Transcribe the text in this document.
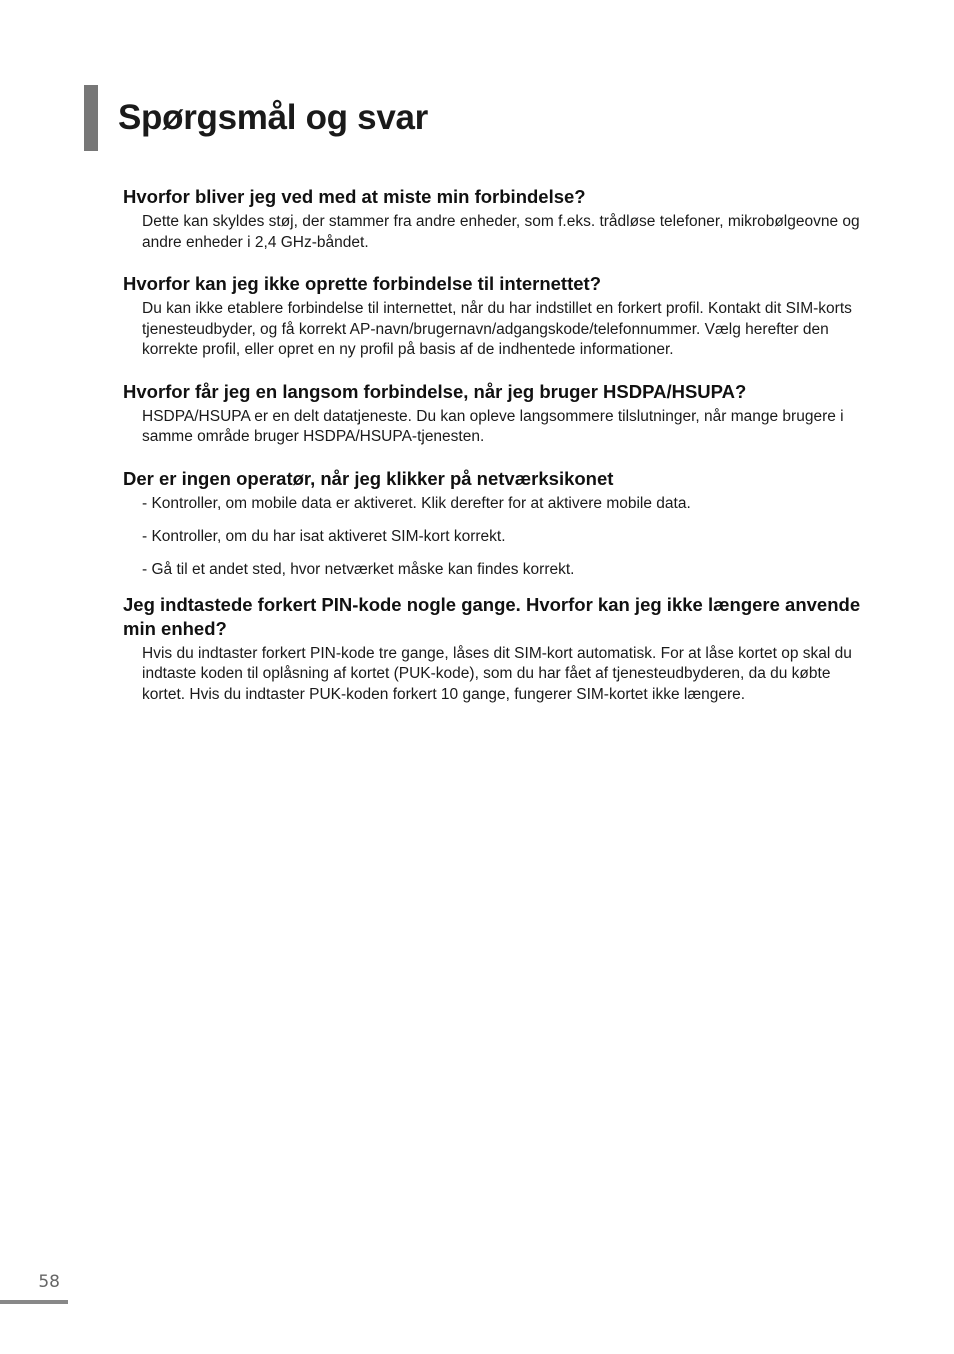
Spørgsmål og svar
Hvorfor bliver jeg ved med at miste min forbindelse?

Dette kan skyldes støj, der stammer fra andre enheder, som f.eks. trådløse telefoner, mikrobølgeovne og andre enheder i 2,4 GHz-båndet.

Hvorfor kan jeg ikke oprette forbindelse til internettet?

Du kan ikke etablere forbindelse til internettet, når du har indstillet en forkert profil. Kontakt dit SIM-korts tjenesteudbyder, og få korrekt AP-navn/brugernavn/adgangskode/telefonnummer. Vælg herefter den korrekte profil, eller opret en ny profil på basis af de indhentede informationer.

Hvorfor får jeg en langsom forbindelse, når jeg bruger HSDPA/HSUPA?

HSDPA/HSUPA er en delt datatjeneste. Du kan opleve langsommere tilslutninger, når mange brugere i samme område bruger HSDPA/HSUPA-tjenesten.

Der er ingen operatør, når jeg klikker på netværksikonet
- Kontroller, om mobile data er aktiveret. Klik derefter for at aktivere mobile data.
- Kontroller, om du har isat aktiveret SIM-kort korrekt.
- Gå til et andet sted, hvor netværket måske kan findes korrekt.
Jeg indtastede forkert PIN-kode nogle gange. Hvorfor kan jeg ikke længere anvende min enhed?

Hvis du indtaster forkert PIN-kode tre gange, låses dit SIM-kort automatisk. For at låse kortet op skal du indtaste koden til oplåsning af kortet (PUK-kode), som du har fået af tjenesteudbyderen, da du købte kortet. Hvis du indtaster PUK-koden forkert 10 gange, fungerer SIM-kortet ikke længere.

58
